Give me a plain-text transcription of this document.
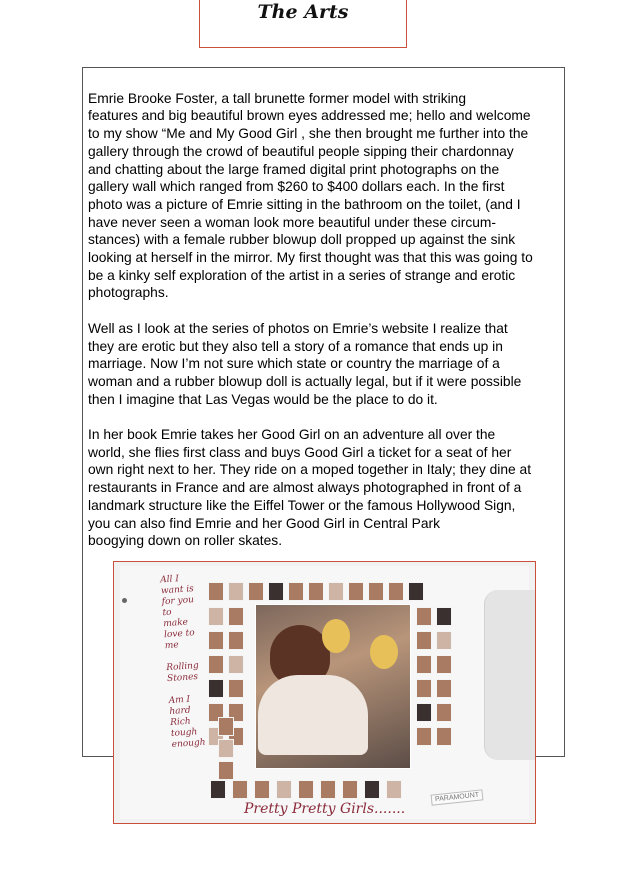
The Arts

Emrie Brooke Foster, a tall brunette former model with striking
features and big beautiful brown eyes addressed me; hello and welcome
to my show “Me and My Good Girl , she then brought me further into the
gallery through the crowd of beautiful people sipping their chardonnay
and chatting about the large framed digital print photographs on the
gallery wall which ranged from $260 to $400 dollars each. In the first
photo was a picture of Emrie sitting in the bathroom on the toilet, (and I
have never seen a woman look more beautiful under these circum-
stances) with a female rubber blowup doll propped up against the sink
looking at herself in the mirror. My first thought was that this was going to
be a kinky self exploration of the artist in a series of strange and erotic
photographs.

Well as I look at the series of photos on Emrie’s website I realize that
they are erotic but they also tell a story of a romance that ends up in
marriage. Now I’m not sure which state or country the marriage of a
woman and a rubber blowup doll is actually legal, but if it were possible
then I imagine that Las Vegas would be the place to do it.

In her book Emrie takes her Good Girl on an adventure all over the
world, she flies first class and buys Good Girl a ticket for a seat of her
own right next to her. They ride on a moped together in Italy; they dine at
restaurants in France and are almost always photographed in front of a
landmark structure like the Eiffel Tower or the famous Hollywood Sign,
you can also find Emrie and her Good Girl in Central Park
boogying down on roller skates.

All I want is for you to make love to me

Rolling Stones

Am I hard Rich tough enough
Pretty Pretty Girls.......
PARAMOUNT
